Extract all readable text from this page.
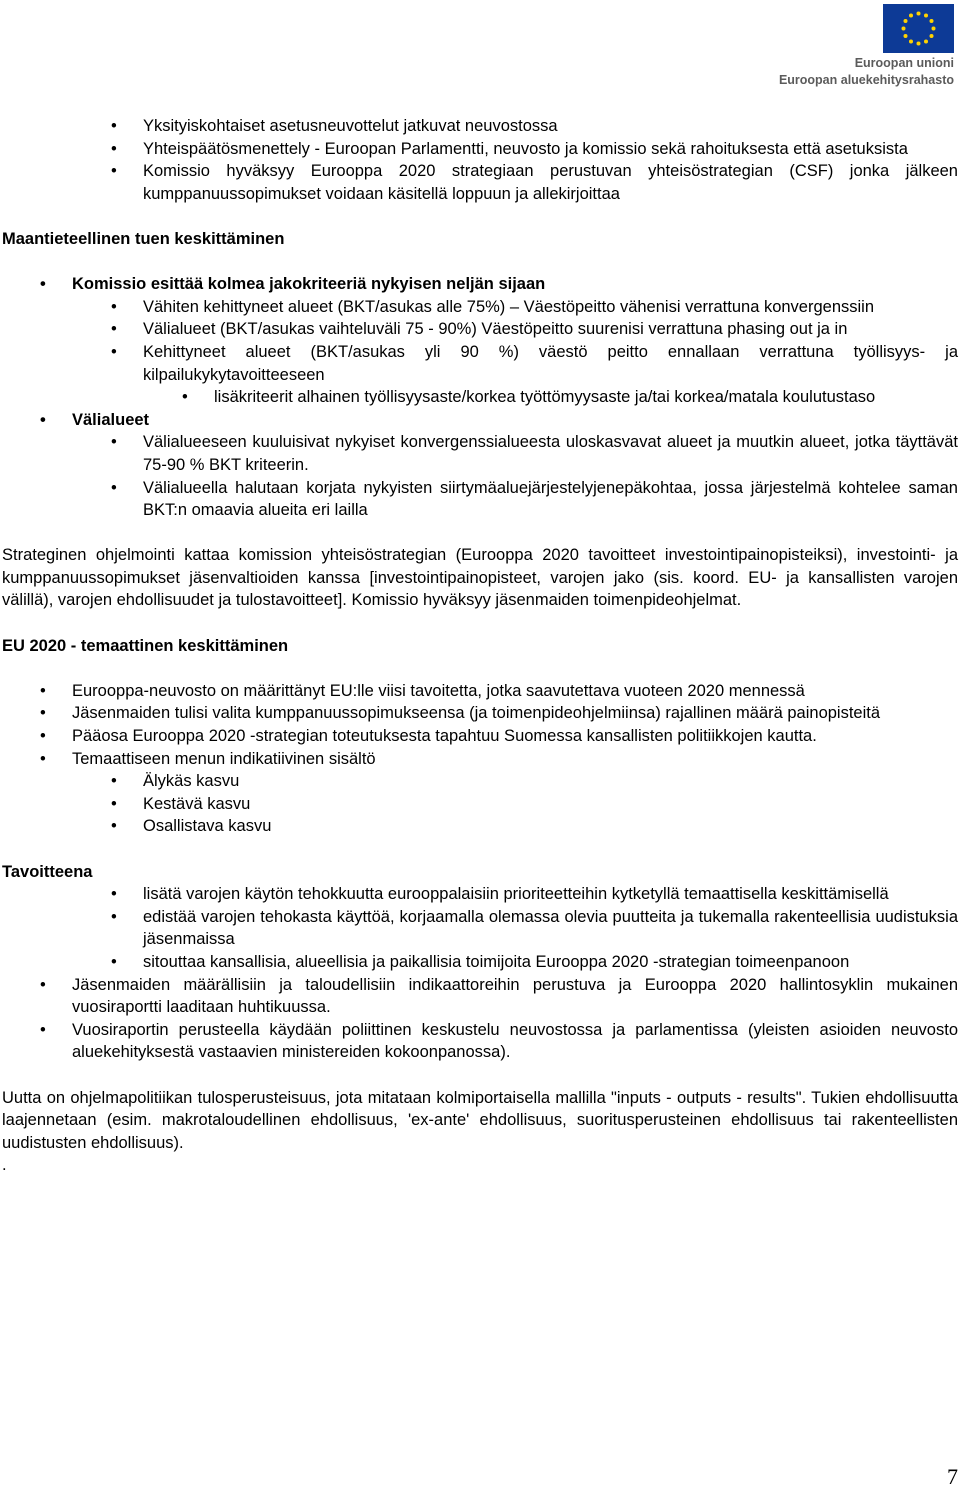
Euroopan unioni
Euroopan aluekehitysrahasto
• Yksityiskohtaiset asetusneuvottelut jatkuvat neuvostossa
• Yhteispäätösmenettely - Euroopan Parlamentti, neuvosto ja komissio sekä rahoituksesta että asetuksista
• Komissio hyväksyy Eurooppa 2020 strategiaan perustuvan yhteisöstrategian (CSF) jonka jälkeen kumppanuussopimukset voidaan käsitellä loppuun ja allekirjoittaa
Maantieteellinen tuen keskittäminen
• Komissio esittää kolmea jakokriteeriä nykyisen neljän sijaan
• Vähiten kehittyneet alueet (BKT/asukas alle 75%) – Väestöpeitto vähenisi verrattuna konvergenssiin
• Välialueet (BKT/asukas vaihteluväli 75 - 90%) Väestöpeitto suurenisi verrattuna phasing out ja in
• Kehittyneet alueet (BKT/asukas yli 90 %) väestö peitto ennallaan verrattuna työllisyys- ja kilpailukykytavoitteeseen
• lisäkriteerit alhainen työllisyysaste/korkea työttömyysaste ja/tai korkea/matala koulutustaso
• Välialueet
• Välialueeseen kuuluisivat nykyiset konvergenssialueesta uloskasvavat alueet ja muutkin alueet, jotka täyttävät 75-90 % BKT kriteerin.
• Välialueella halutaan korjata nykyisten siirtymäaluejärjestelyjenepäkohtaa, jossa järjestelmä kohtelee saman BKT:n omaavia alueita eri lailla
Strateginen ohjelmointi kattaa komission yhteisöstrategian (Eurooppa 2020 tavoitteet investointipainopisteiksi), investointi- ja kumppanuussopimukset jäsenvaltioiden kanssa [investointipainopisteet, varojen jako (sis. koord. EU- ja kansallisten varojen välillä), varojen ehdollisuudet ja tulostavoitteet]. Komissio hyväksyy jäsenmaiden toimenpideohjelmat.
EU 2020 - temaattinen keskittäminen
• Eurooppa-neuvosto on määrittänyt EU:lle viisi tavoitetta, jotka saavutettava vuoteen 2020 mennessä
• Jäsenmaiden tulisi valita kumppanuussopimukseensa (ja toimenpideohjelmiinsa) rajallinen määrä painopisteitä
• Pääosa Eurooppa 2020 -strategian toteutuksesta tapahtuu Suomessa kansallisten politiikkojen kautta.
• Temaattiseen menun indikatiivinen sisältö
• Älykäs kasvu
• Kestävä kasvu
• Osallistava kasvu
Tavoitteena
• lisätä varojen käytön tehokkuutta eurooppalaisiin prioriteetteihin kytketyllä temaattisella keskittämisellä
• edistää varojen tehokasta käyttöä, korjaamalla olemassa olevia puutteita ja tukemalla rakenteellisia uudistuksia jäsenmaissa
• sitouttaa kansallisia, alueellisia ja paikallisia toimijoita Eurooppa 2020 -strategian toimeenpanoon
• Jäsenmaiden määrällisiin ja taloudellisiin indikaattoreihin perustuva ja Eurooppa 2020 hallintosyklin mukainen vuosiraportti laaditaan huhtikuussa.
• Vuosiraportin perusteella käydään poliittinen keskustelu neuvostossa ja parlamentissa (yleisten asioiden neuvosto aluekehityksestä vastaavien ministereiden kokoonpanossa).
Uutta on ohjelmapolitiikan tulosperusteisuus, jota mitataan kolmiportaisella mallilla "inputs - outputs - results". Tukien ehdollisuutta laajennetaan (esim. makrotaloudellinen ehdollisuus, 'ex-ante' ehdollisuus, suoritusperusteinen ehdollisuus tai rakenteellisten uudistusten ehdollisuus).
.
7
